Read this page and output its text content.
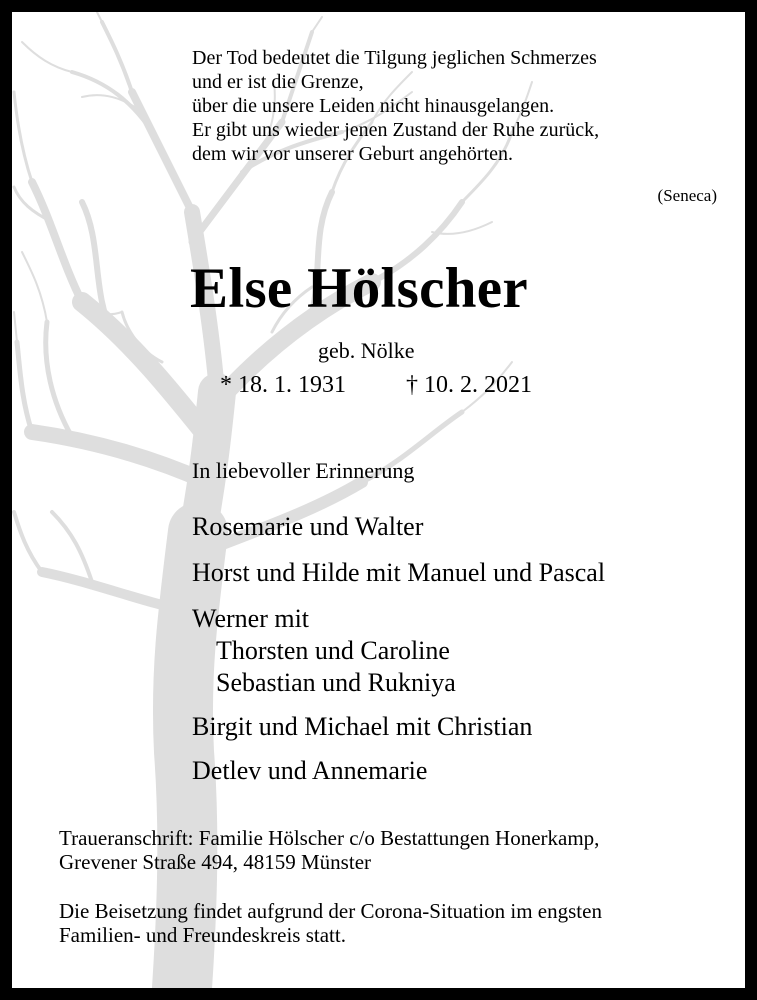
Der Tod bedeutet die Tilgung jeglichen Schmerzes

und er ist die Grenze,

über die unsere Leiden nicht hinausgelangen.

Er gibt uns wieder jenen Zustand der Ruhe zurück,

dem wir vor unserer Geburt angehörten.

(Seneca)

Else Hölscher

geb. Nölke

* 18. 1. 1931	† 10. 2. 2021

In liebevoller Erinnerung

Rosemarie und Walter

Horst und Hilde mit Manuel und Pascal

Werner mit

Thorsten und Caroline

Sebastian und Rukniya

Birgit und Michael mit Christian

Detlev und Annemarie

Traueranschrift: Familie Hölscher c/o Bestattungen Honerkamp,

Grevener Straße 494, 48159 Münster

Die Beisetzung findet aufgrund der Corona-Situation im engsten

Familien- und Freundeskreis statt.
